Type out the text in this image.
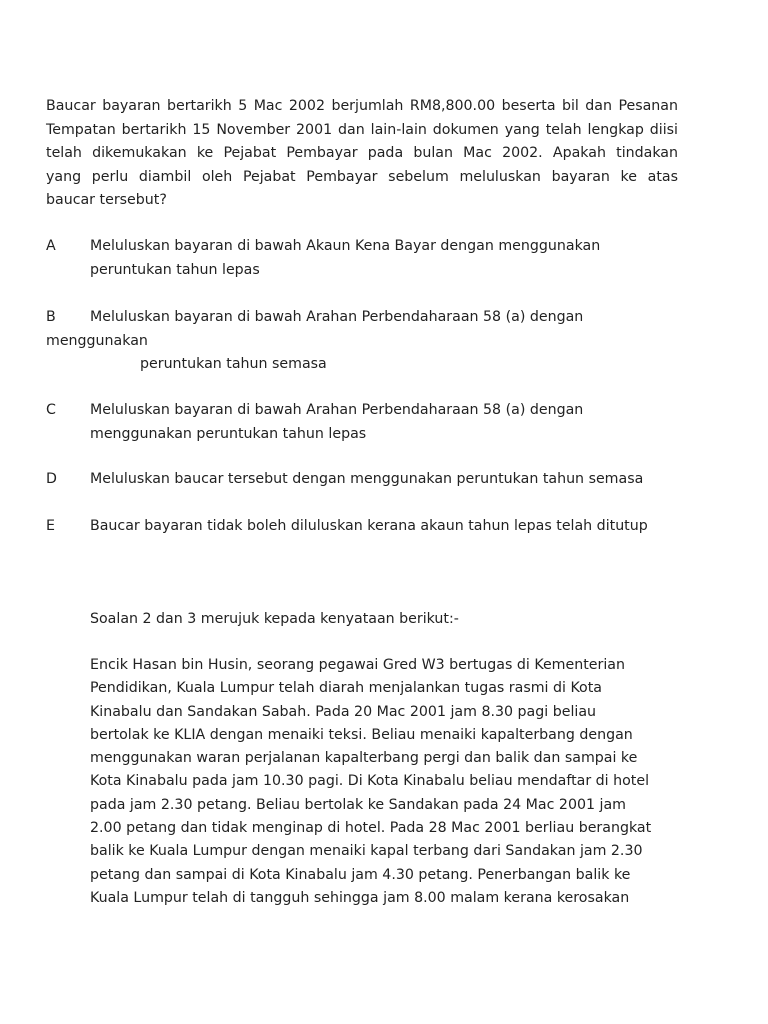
Baucar bayaran bertarikh 5 Mac 2002 berjumlah RM8,800.00 beserta bil dan Pesanan
Tempatan bertarikh 15 November 2001 dan lain-lain dokumen yang telah lengkap diisi
telah dikemukakan ke Pejabat Pembayar pada bulan Mac 2002. Apakah tindakan
yang perlu diambil oleh Pejabat Pembayar sebelum meluluskan bayaran ke atas
baucar tersebut?
A Meluluskan bayaran di bawah Akaun Kena Bayar dengan menggunakan
peruntukan tahun lepas
B Meluluskan bayaran di bawah Arahan Perbendaharaan 58 (a) dengan
menggunakan
peruntukan tahun semasa
C Meluluskan bayaran di bawah Arahan Perbendaharaan 58 (a) dengan
menggunakan peruntukan tahun lepas
D Meluluskan baucar tersebut dengan menggunakan peruntukan tahun semasa
E Baucar bayaran tidak boleh diluluskan kerana akaun tahun lepas telah ditutup
Soalan 2 dan 3 merujuk kepada kenyataan berikut:-
Encik Hasan bin Husin, seorang pegawai Gred W3 bertugas di Kementerian
Pendidikan, Kuala Lumpur telah diarah menjalankan tugas rasmi di Kota
Kinabalu dan Sandakan Sabah. Pada 20 Mac 2001 jam 8.30 pagi beliau
bertolak ke KLIA dengan menaiki teksi. Beliau menaiki kapalterbang dengan
menggunakan waran perjalanan kapalterbang pergi dan balik dan sampai ke
Kota Kinabalu pada jam 10.30 pagi. Di Kota Kinabalu beliau mendaftar di hotel
pada jam 2.30 petang. Beliau bertolak ke Sandakan pada 24 Mac 2001 jam
2.00 petang dan tidak menginap di hotel. Pada 28 Mac 2001 berliau berangkat
balik ke Kuala Lumpur dengan menaiki kapal terbang dari Sandakan jam 2.30
petang dan sampai di Kota Kinabalu jam 4.30 petang. Penerbangan balik ke
Kuala Lumpur telah di tangguh sehingga jam 8.00 malam kerana kerosakan
